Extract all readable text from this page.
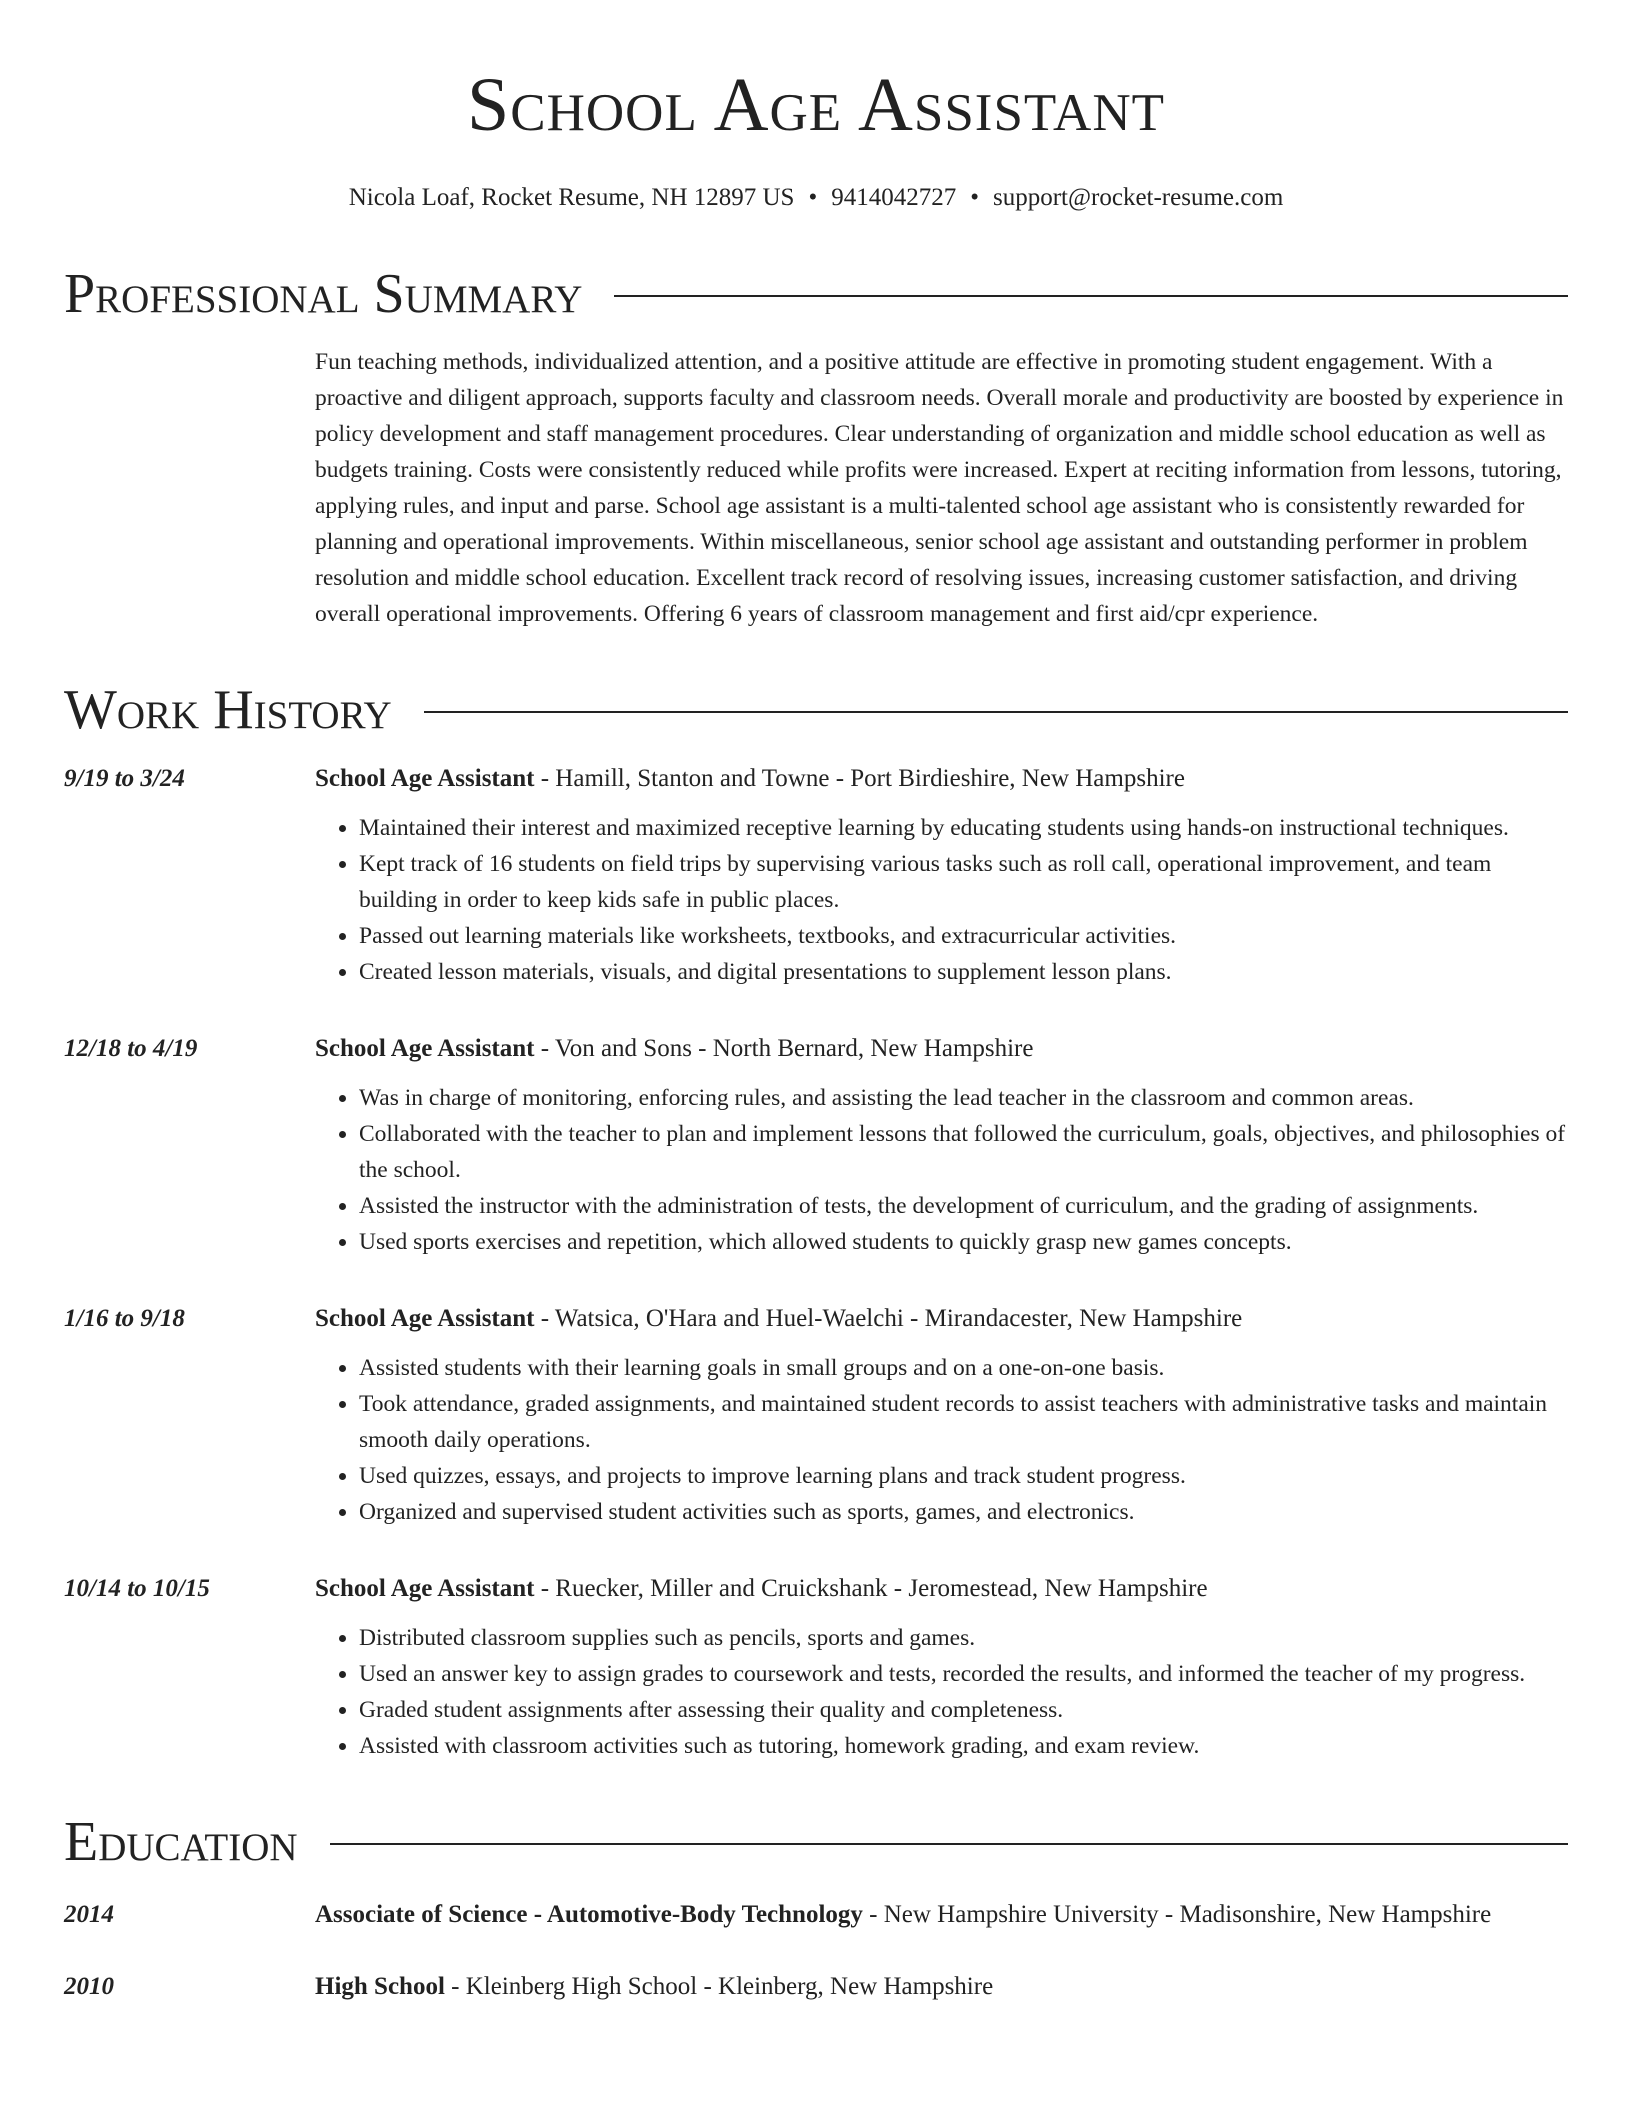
School Age Assistant
Nicola Loaf, Rocket Resume, NH 12897 US • 9414042727 • support@rocket-resume.com
Professional Summary
Fun teaching methods, individualized attention, and a positive attitude are effective in promoting student engagement. With a proactive and diligent approach, supports faculty and classroom needs. Overall morale and productivity are boosted by experience in policy development and staff management procedures. Clear understanding of organization and middle school education as well as budgets training. Costs were consistently reduced while profits were increased. Expert at reciting information from lessons, tutoring, applying rules, and input and parse. School age assistant is a multi-talented school age assistant who is consistently rewarded for planning and operational improvements. Within miscellaneous, senior school age assistant and outstanding performer in problem resolution and middle school education. Excellent track record of resolving issues, increasing customer satisfaction, and driving overall operational improvements. Offering 6 years of classroom management and first aid/cpr experience.
Work History
9/19 to 3/24	School Age Assistant - Hamill, Stanton and Towne - Port Birdieshire, New Hampshire
• Maintained their interest and maximized receptive learning by educating students using hands-on instructional techniques.
• Kept track of 16 students on field trips by supervising various tasks such as roll call, operational improvement, and team building in order to keep kids safe in public places.
• Passed out learning materials like worksheets, textbooks, and extracurricular activities.
• Created lesson materials, visuals, and digital presentations to supplement lesson plans.
12/18 to 4/19	School Age Assistant - Von and Sons - North Bernard, New Hampshire
• Was in charge of monitoring, enforcing rules, and assisting the lead teacher in the classroom and common areas.
• Collaborated with the teacher to plan and implement lessons that followed the curriculum, goals, objectives, and philosophies of the school.
• Assisted the instructor with the administration of tests, the development of curriculum, and the grading of assignments.
• Used sports exercises and repetition, which allowed students to quickly grasp new games concepts.
1/16 to 9/18	School Age Assistant - Watsica, O'Hara and Huel-Waelchi - Mirandacester, New Hampshire
• Assisted students with their learning goals in small groups and on a one-on-one basis.
• Took attendance, graded assignments, and maintained student records to assist teachers with administrative tasks and maintain smooth daily operations.
• Used quizzes, essays, and projects to improve learning plans and track student progress.
• Organized and supervised student activities such as sports, games, and electronics.
10/14 to 10/15	School Age Assistant - Ruecker, Miller and Cruickshank - Jeromestead, New Hampshire
• Distributed classroom supplies such as pencils, sports and games.
• Used an answer key to assign grades to coursework and tests, recorded the results, and informed the teacher of my progress.
• Graded student assignments after assessing their quality and completeness.
• Assisted with classroom activities such as tutoring, homework grading, and exam review.
Education
2014	Associate of Science - Automotive-Body Technology - New Hampshire University - Madisonshire, New Hampshire
2010	High School - Kleinberg High School - Kleinberg, New Hampshire
